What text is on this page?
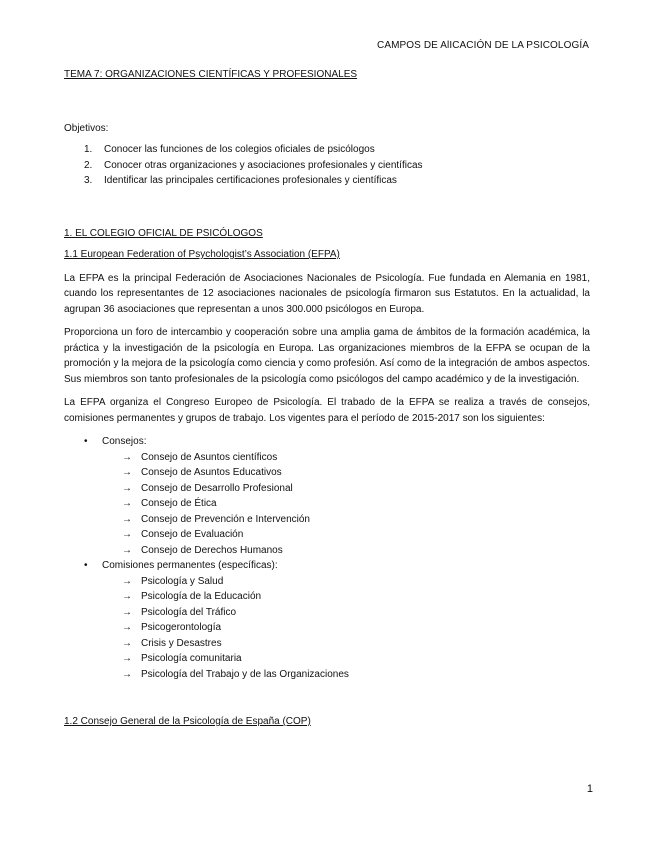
CAMPOS DE AlICACIÓN DE LA PSICOLOGÍA
TEMA 7: ORGANIZACIONES CIENTÍFICAS Y PROFESIONALES
Objetivos:
1. Conocer las funciones de los colegios oficiales de psicólogos
2. Conocer otras organizaciones y asociaciones profesionales y científicas
3. Identificar las principales certificaciones profesionales y científicas
1. EL COLEGIO OFICIAL DE PSICÓLOGOS
1.1 European Federation of Psychologist’s Association (EFPA)

La EFPA es la principal Federación de Asociaciones Nacionales de Psicología. Fue fundada en Alemania en 1981, cuando los representantes de 12 asociaciones nacionales de psicología firmaron sus Estatutos. En la actualidad, la agrupan 36 asociaciones que representan a unos 300.000 psicólogos en Europa.

Proporciona un foro de intercambio y cooperación sobre una amplia gama de ámbitos de la formación académica, la práctica y la investigación de la psicología en Europa. Las organizaciones miembros de la EFPA se ocupan de la promoción y la mejora de la psicología como ciencia y como profesión. Así como de la integración de ambos aspectos. Sus miembros son tanto profesionales de la psicología como psicólogos del campo académico y de la investigación.

La EFPA organiza el Congreso Europeo de Psicología. El trabado de la EFPA se realiza a través de consejos, comisiones permanentes y grupos de trabajo. Los vigentes para el período de 2015-2017 son los siguientes:

• Consejos:
→ Consejo de Asuntos científicos
→ Consejo de Asuntos Educativos
→ Consejo de Desarrollo Profesional
→ Consejo de Ética
→ Consejo de Prevención e Intervención
→ Consejo de Evaluación
→ Consejo de Derechos Humanos
• Comisiones permanentes (específicas):
→ Psicología y Salud
→ Psicología de la Educación
→ Psicología del Tráfico
→ Psicogerontología
→ Crisis y Desastres
→ Psicología comunitaria
→ Psicología del Trabajo y de las Organizaciones
1.2 Consejo General de la Psicología de España (COP)
1
